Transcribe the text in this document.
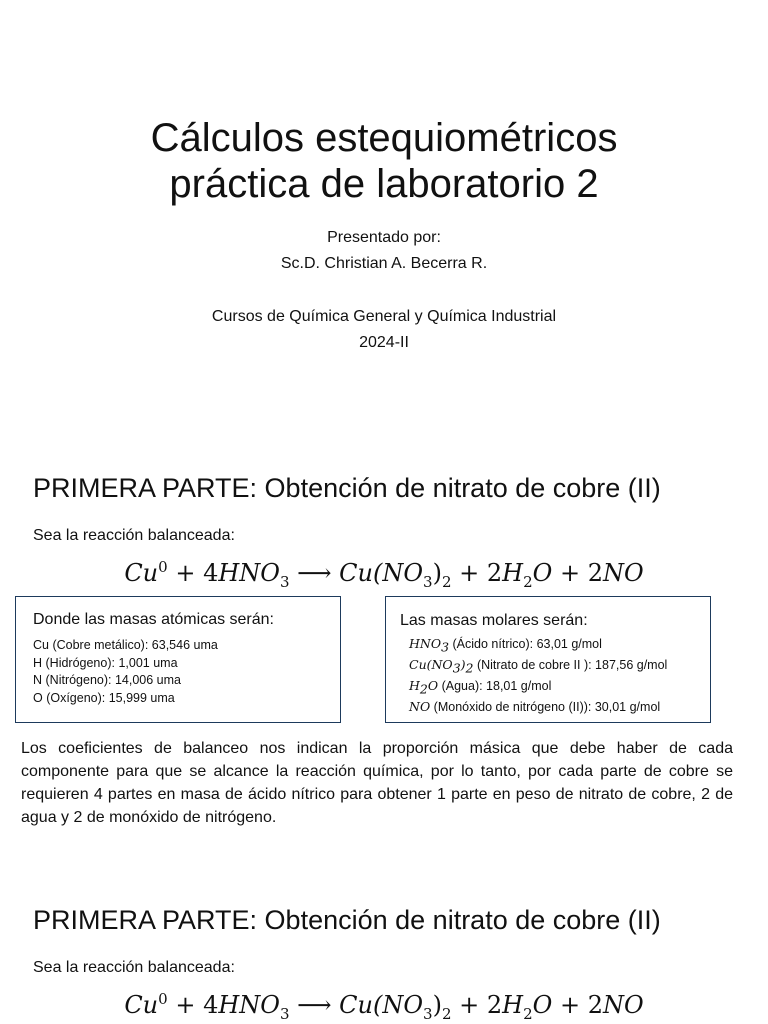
Cálculos estequiométricos
práctica de laboratorio 2
Presentado por:
Sc.D. Christian A. Becerra R.
Cursos de Química General y Química Industrial
2024-II
PRIMERA PARTE: Obtención de nitrato de cobre (II)
Sea la reacción balanceada:
$Cu^0 + 4HNO_3$ ⟶ $Cu(NO_3)_2 + 2H_2O + 2NO$
Donde las masas atómicas serán:
Cu (Cobre metálico): 63,546 uma
H (Hidrógeno): 1,001 uma
N (Nitrógeno): 14,006 uma
O (Oxígeno): 15,999 uma
Las masas molares serán:
$HNO_3$ (Ácido nítrico): 63,01 g/mol
$Cu(NO_3)_2$ (Nitrato de cobre II ): 187,56 g/mol
$H_2O$ (Agua): 18,01 g/mol
NO (Monóxido de nitrógeno (II)): 30,01 g/mol
Los coeficientes de balanceo nos indican la proporción másica que debe haber de cada componente para que se alcance la reacción química, por lo tanto, por cada parte de cobre se requieren 4 partes en masa de ácido nítrico para obtener 1 parte en peso de nitrato de cobre, 2 de agua y 2 de monóxido de nitrógeno.
PRIMERA PARTE: Obtención de nitrato de cobre (II)
Sea la reacción balanceada:
$Cu^0 + 4HNO_3$ ⟶ $Cu(NO_3)_2 + 2H_2O + 2NO$
